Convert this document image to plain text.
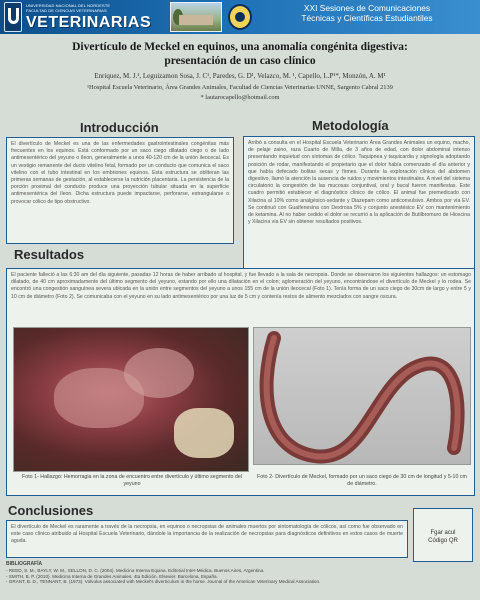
UNIVERSIDAD NACIONAL DEL NORDESTE
FACULTAD DE CIENCIAS VETERINARIAS
VETERINARIAS
XXI Sesiones de Comunicaciones
Técnicas y Científicas Estudiantiles
Divertículo de Meckel en equinos, una anomalía congénita digestiva:
presentación de un caso clínico
Enriquez, M. J.¹, Leguizamon Sosa, J. C¹, Paredes, G. D¹, Velazco, M. ¹, Capello, L.P¹*, Monzón, A. M¹
¹Hospital Escuela Veterinario, Área Grandes Animales, Facultad de Ciencias Veterinarias UNNE, Sargento Cabral 2139
* lautarocapello@hotmail.com
Introducción
El divertículo de Meckel es una de las enfermedades gastrointestinales congénitas más frecuentes en los equinos. Está conformado por un saco ciego dilatado ciego o de lado antimesentérico del yeyuno o íleon, generalmente a unos 40-120 cm de la unión ileocecal. Es un vestigio remanente del ducto vitelino fetal, formado por un conducto que comunica el saco vitelino con el tubo intestinal en los embriones equinos. Esta estructura se obliteran las primeras semanas de gestación, al establecerse la nutrición placentaria. La persistencia de la porción proximal del conducto produce una proyección tubular situada en la superficie antimesentérica del íleon. Dicha estructura puede impactarse, perforarse, estrangularse o provocar cólico de tipo obstructivo.
Metodología
Arribó a consulta en el Hospital Escuela Veterinario Área Grandes Animales un equino, macho, de pelaje zaino, raza Cuarto de Milla, de 3 años de edad, con dolor abdominal intenso presentando inquietud con síntomas de cólico. Taquipnea y taquicardia y signología adoptando posición de rodar, manifestando el propietario que el dolor había comenzado el día anterior y que había defecado bolitas secas y firmes. Durante la exploración clínica del abdomen digestivo, llamó la atención la ausencia de ruidos y movimientos intestinales. A nivel del sistema circulatorio la congestión de las mucosas conjuntival, oral y bucal fueron manifiestas. Este cuadro permitió establecer el diagnóstico clínico de cólico. El animal fue premedicado con Xilacina al 10% como analgésico-sedante y Diazepam como anticonvulsivo. Ambos por vía EV. Se continuó con Guaifenesina con Dextrosa 5% y conjunto anestésico EV con mantenimiento de ketamina. Al no haber cedido el dolor se recurrió a la aplicación de Butilbromuro de Hioscina y Xilacina vía EV sin obtener resultados positivos.
Resultados
El paciente falleció a las 6:30 am del día siguiente, pasadas 12 horas de haber arribado al hospital, y fue llevado a la sala de necropsia. Donde se observaron los siguientes hallazgos: un estomago dilatado, de 40 cm aproximadamente del último segmento del yeyuno, estando por ello una dilatación en el colon; aglomeración del yeyuno, encontrándose el divertículo de Meckel y lo rodea. Se encontró una congestión sanguínea severa ubicada en la unión entre segmentos del yeyuno a unos 155 cm de la unión ileocecal (Foto 1). Tenía forma de un saco ciego de 30cm de largo y entre 5 y 10 cm de diámetro (Foto 2). Se comunicaba con el yeyuno en su lado antimesentérico por una luz de 5 cm y contenía restos de alimento mezclados con sangre oscura.
Foto 1- Hallazgo: Hemorragia en la zona de encuentro entre divertículo y último segmento del yeyuno
Foto 2- Divertículo de Meckel, formado por un saco ciego de 30 cm de longitud y 5-10 cm de diámetro.
Conclusiones
El divertículo de Meckel es raramente a través de la necropsia, en equinos o necropsias de animales muertos por sintomatología de cólicos, así como fue observado en este caso clínico atribuido al Hospital Escuela Veterinario, dándole la importancia de la realización de necropsias para diagnósticos definitivos en estos casos de muerte aguda.
Fgar acul
Código QR
BIBLIOGRAFÍA
- REED, S. M., BAYLY, W. M., SELLON, D. C. (2004). Medicina Interna Equina. Editorial Inter-Médica. Buenos Aires, Argentina.
- SMITH, B. P. (2010). Medicina Interna de Grandes Animales. 4ta Edición. Elsevier. Barcelona, España.
- GRANT, B. D., TENNANT, B. (1973). Volvulus associated with Meckel's diverticulum in the horse. Journal of the American Veterinary Medical Association.
